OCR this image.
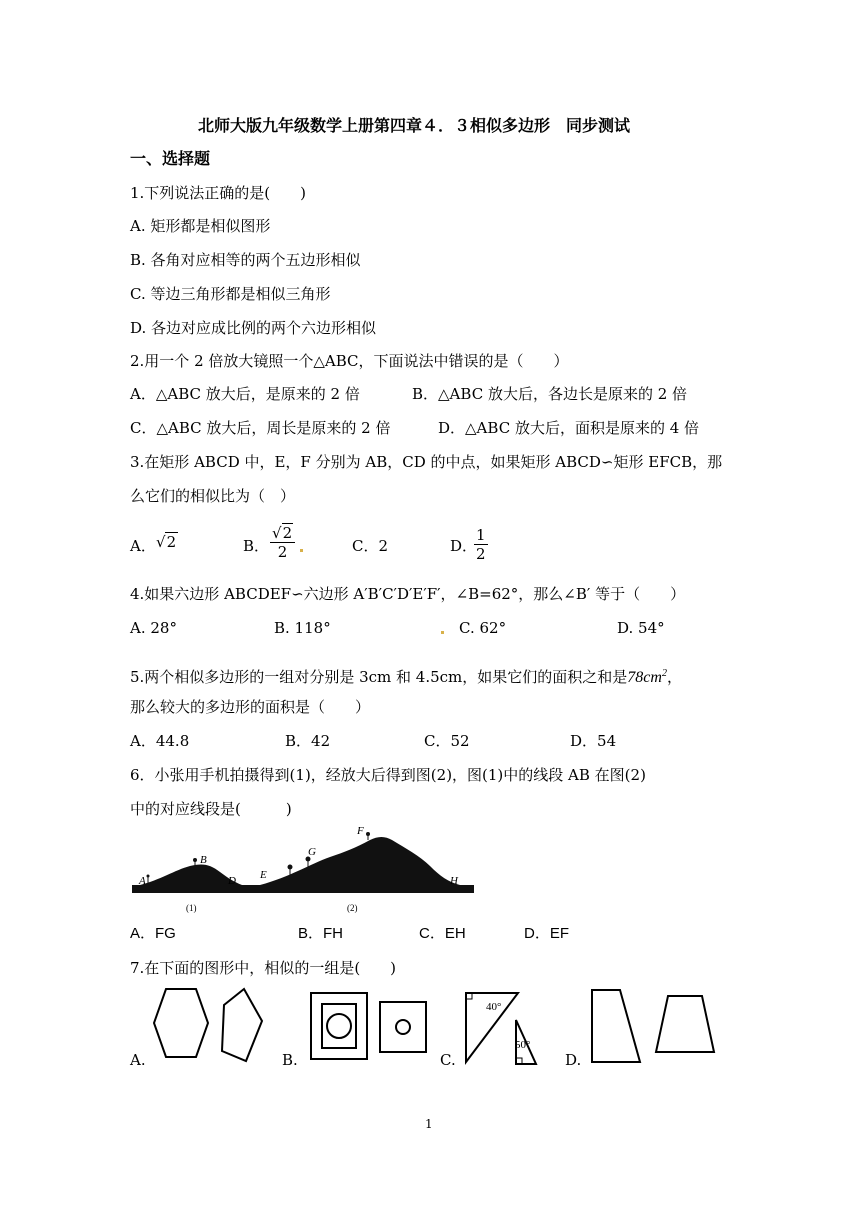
北师大版九年级数学上册第四章４．３相似多边形　同步测试
一、选择题
1.下列说法正确的是(　　)
A. 矩形都是相似图形
B. 各角对应相等的两个五边形相似
C. 等边三角形都是相似三角形
D. 各边对应成比例的两个六边形相似
2.用一个 2 倍放大镜照一个△ABC，下面说法中错误的是（　　）
A．△ABC 放大后，是原来的 2 倍	B．△ABC 放大后，各边长是原来的 2 倍
C．△ABC 放大后，周长是原来的 2 倍	D．△ABC 放大后，面积是原来的 4 倍
3.在矩形 ABCD 中，E，F 分别为 AB，CD 的中点，如果矩形 ABCD∽矩形 EFCB，那
么它们的相似比为（　）
A． √2	B． $\frac{√2}{2}$	C．2	D．
$\frac{1}{2}$
4.如果六边形 ABCDEF∽六边形 A′B′C′D′E′F′，∠B=62°，那么∠B′ 等于（　　）
A. 28°	B. 118°	C. 62°	D. 54°
5.两个相似多边形的一组对分别是 3cm 和 4.5cm，如果它们的面积之和是$78cm^2$，
那么较大的多边形的面积是（　　）
A．44.8	B．42	C．52	D．54
6．小张用手机拍摄得到(1)，经放大后得到图(2)，图(1)中的线段 AB 在图(2)
中的对应线段是(　　　)
A
B
D
(1)
E
G
F
H
(2)
A．FG	B．FH	C．EH	D．EF
7.在下面的图形中，相似的一组是(　　)
A.	B.	C.
40°
50°
D.
1
